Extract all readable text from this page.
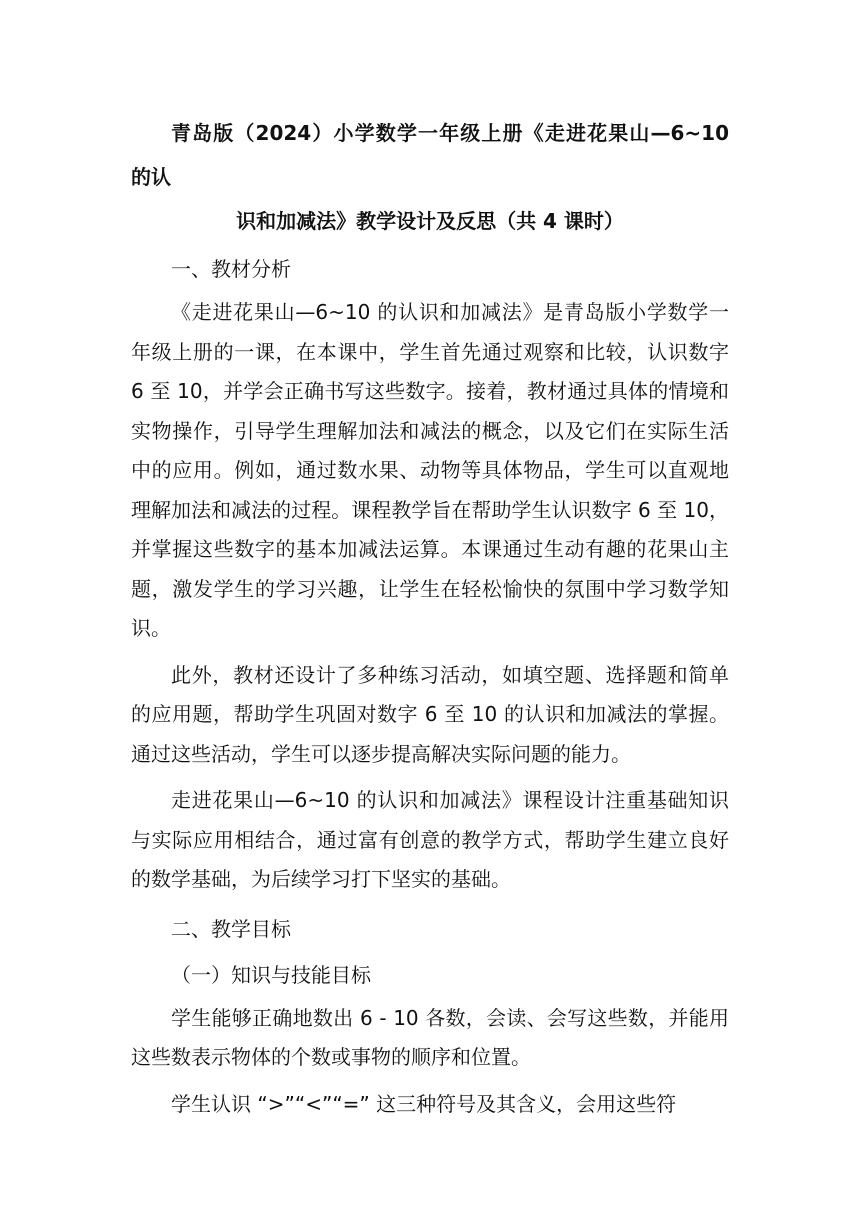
青岛版（2024）小学数学一年级上册《走进花果山—6~10 的认
识和加减法》教学设计及反思（共 4 课时）
一、教材分析

《走进花果山—6~10 的认识和加减法》是青岛版小学数学一年级上册的一课，在本课中，学生首先通过观察和比较，认识数字 6 至 10，并学会正确书写这些数字。接着，教材通过具体的情境和实物操作，引导学生理解加法和减法的概念，以及它们在实际生活中的应用。例如，通过数水果、动物等具体物品，学生可以直观地理解加法和减法的过程。课程教学旨在帮助学生认识数字 6 至 10，并掌握这些数字的基本加减法运算。本课通过生动有趣的花果山主题，激发学生的学习兴趣，让学生在轻松愉快的氛围中学习数学知识。

此外，教材还设计了多种练习活动，如填空题、选择题和简单的应用题，帮助学生巩固对数字 6 至 10 的认识和加减法的掌握。通过这些活动，学生可以逐步提高解决实际问题的能力。

走进花果山—6~10 的认识和加减法》课程设计注重基础知识与实际应用相结合，通过富有创意的教学方式，帮助学生建立良好的数学基础，为后续学习打下坚实的基础。

二、教学目标
（一）知识与技能目标

学生能够正确地数出 6 - 10 各数，会读、会写这些数，并能用这些数表示物体的个数或事物的顺序和位置。

学生认识 “>”“<”“=” 这三种符号及其含义，会用这些符
